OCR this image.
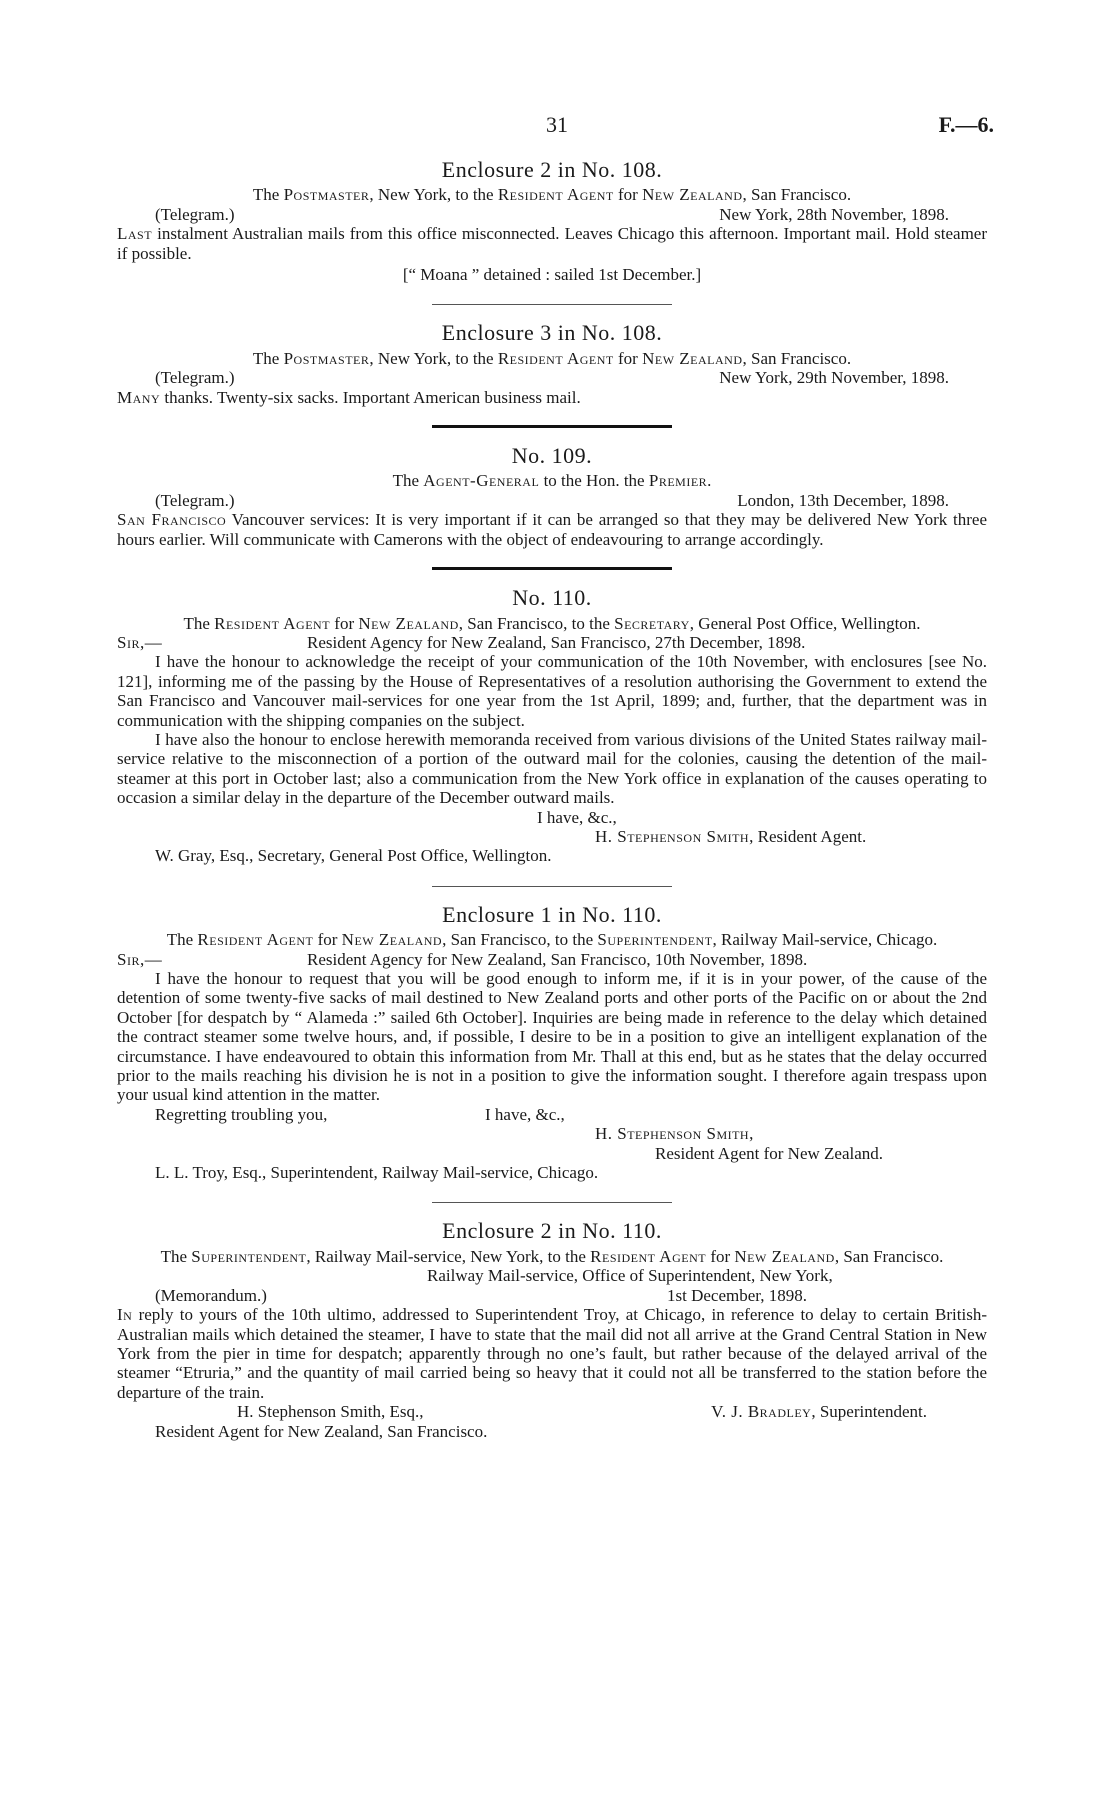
31	F.—6.
Enclosure 2 in No. 108.

The Postmaster, New York, to the Resident Agent for New Zealand, San Francisco.

(Telegram.)	New York, 28th November, 1898.

Last instalment Australian mails from this office misconnected. Leaves Chicago this afternoon. Important mail. Hold steamer if possible.

[“ Moana ” detained : sailed 1st December.]

Enclosure 3 in No. 108.

The Postmaster, New York, to the Resident Agent for New Zealand, San Francisco.

(Telegram.)	New York, 29th November, 1898.

Many thanks. Twenty-six sacks. Important American business mail.

No. 109.

The Agent-General to the Hon. the Premier.

(Telegram.)	London, 13th December, 1898.

San Francisco Vancouver services: It is very important if it can be arranged so that they may be delivered New York three hours earlier. Will communicate with Camerons with the object of endeavouring to arrange accordingly.

No. 110.

The Resident Agent for New Zealand, San Francisco, to the Secretary, General Post Office, Wellington.

Sir,—	Resident Agency for New Zealand, San Francisco, 27th December, 1898.

I have the honour to acknowledge the receipt of your communication of the 10th November, with enclosures [see No. 121], informing me of the passing by the House of Representatives of a resolution authorising the Government to extend the San Francisco and Vancouver mail-services for one year from the 1st April, 1899; and, further, that the department was in communication with the shipping companies on the subject.

I have also the honour to enclose herewith memoranda received from various divisions of the United States railway mail-service relative to the misconnection of a portion of the outward mail for the colonies, causing the detention of the mail-steamer at this port in October last; also a communication from the New York office in explanation of the causes operating to occasion a similar delay in the departure of the December outward mails.

I have, &c.,

H. Stephenson Smith, Resident Agent.

W. Gray, Esq., Secretary, General Post Office, Wellington.

Enclosure 1 in No. 110.

The Resident Agent for New Zealand, San Francisco, to the Superintendent, Railway Mail-service, Chicago.

Sir,—	Resident Agency for New Zealand, San Francisco, 10th November, 1898.

I have the honour to request that you will be good enough to inform me, if it is in your power, of the cause of the detention of some twenty-five sacks of mail destined to New Zealand ports and other ports of the Pacific on or about the 2nd October [for despatch by “ Alameda :” sailed 6th October]. Inquiries are being made in reference to the delay which detained the contract steamer some twelve hours, and, if possible, I desire to be in a position to give an intelligent explanation of the circumstance. I have endeavoured to obtain this information from Mr. Thall at this end, but as he states that the delay occurred prior to the mails reaching his division he is not in a position to give the information sought. I therefore again trespass upon your usual kind attention in the matter.

Regretting troubling you,	I have, &c.,

H. Stephenson Smith,

Resident Agent for New Zealand.

L. L. Troy, Esq., Superintendent, Railway Mail-service, Chicago.

Enclosure 2 in No. 110.

The Superintendent, Railway Mail-service, New York, to the Resident Agent for New Zealand, San Francisco.

Railway Mail-service, Office of Superintendent, New York,

(Memorandum.)	1st December, 1898.

In reply to yours of the 10th ultimo, addressed to Superintendent Troy, at Chicago, in reference to delay to certain British-Australian mails which detained the steamer, I have to state that the mail did not all arrive at the Grand Central Station in New York from the pier in time for despatch; apparently through no one’s fault, but rather because of the delayed arrival of the steamer “Etruria,” and the quantity of mail carried being so heavy that it could not all be transferred to the station before the departure of the train.

H. Stephenson Smith, Esq.,	V. J. Bradley, Superintendent.

Resident Agent for New Zealand, San Francisco.
